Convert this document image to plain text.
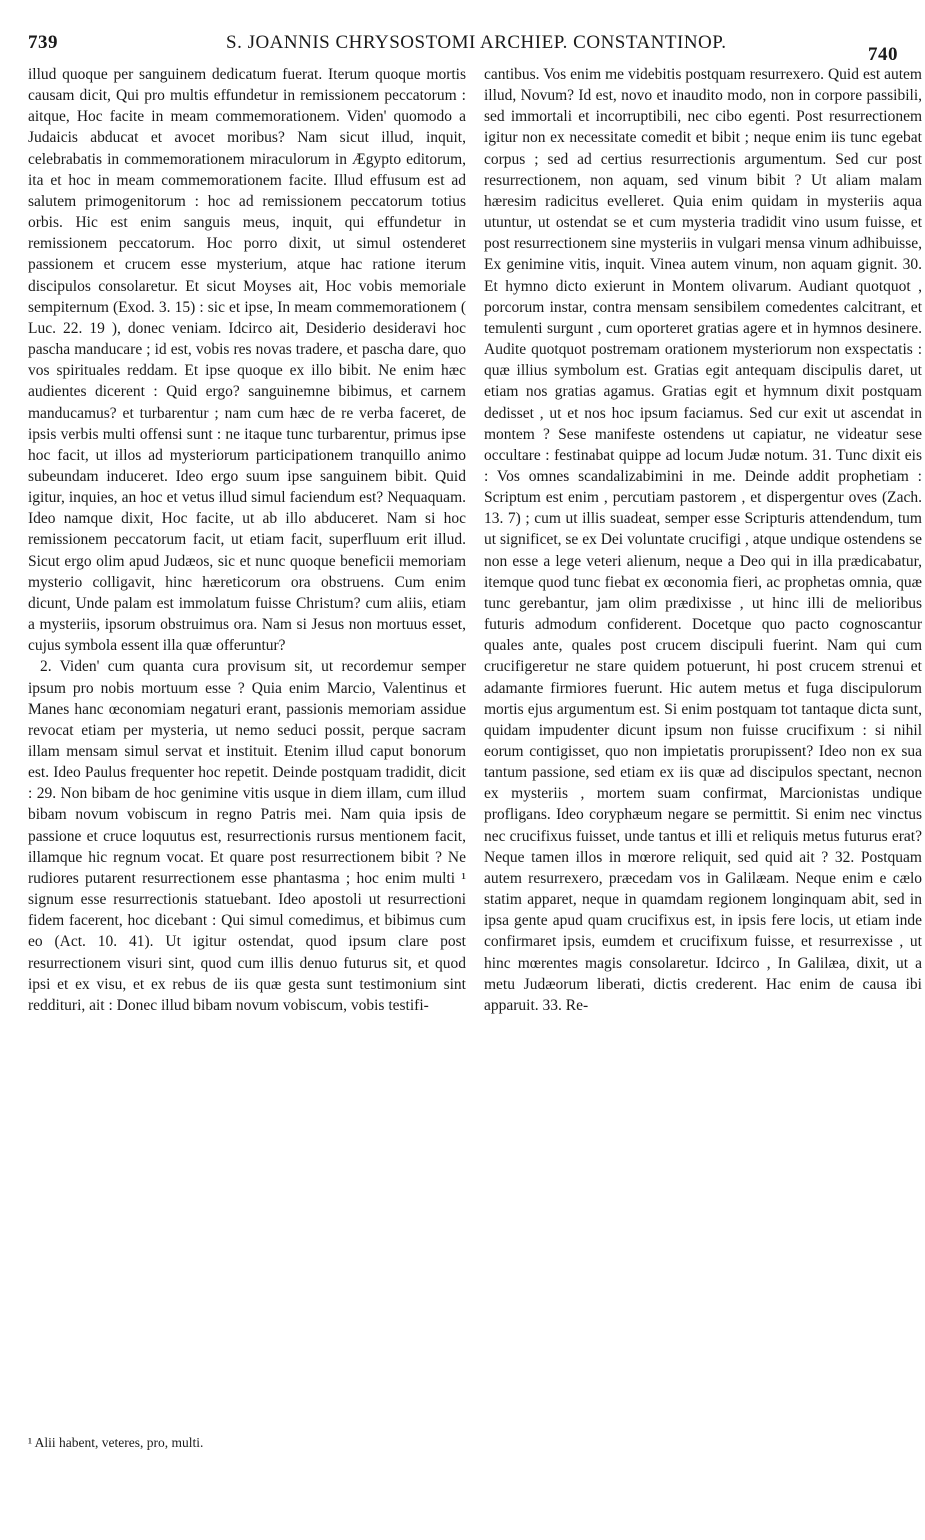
739	S. JOANNIS CHRYSOSTOMI ARCHIEP. CONSTANTINOP.
740

illud quoque per sanguinem dedicatum fuerat. Iterum quoque mortis causam dicit, Qui pro multis effundetur in remissionem peccatorum : aitque, Hoc facite in meam commemorationem. Viden' quomodo a Judaicis abducat et avocet moribus? Nam sicut illud, inquit, celebrabatis in commemorationem miraculorum in Ægypto editorum, ita et hoc in meam commemorationem facite. Illud effusum est ad salutem primogenitorum : hoc ad remissionem peccatorum totius orbis. Hic est enim sanguis meus, inquit, qui effundetur in remissionem peccatorum. Hoc porro dixit, ut simul ostenderet passionem et crucem esse mysterium, atque hac ratione iterum discipulos consolaretur. Et sicut Moyses ait, Hoc vobis memoriale sempiternum (Exod. 3. 15) : sic et ipse, In meam commemorationem ( Luc. 22. 19 ), donec veniam. Idcirco ait, Desiderio desideravi hoc pascha manducare ; id est, vobis res novas tradere, et pascha dare, quo vos spirituales reddam. Et ipse quoque ex illo bibit. Ne enim hæc audientes dicerent : Quid ergo? sanguinemne bibimus, et carnem manducamus? et turbarentur ; nam cum hæc de re verba faceret, de ipsis verbis multi offensi sunt : ne itaque tunc turbarentur, primus ipse hoc facit, ut illos ad mysteriorum participationem tranquillo animo subeundam induceret. Ideo ergo suum ipse sanguinem bibit. Quid igitur, inquies, an hoc et vetus illud simul faciendum est? Nequaquam. Ideo namque dixit, Hoc facite, ut ab illo abduceret. Nam si hoc remissionem peccatorum facit, ut etiam facit, superfluum erit illud. Sicut ergo olim apud Judæos, sic et nunc quoque beneficii memoriam mysterio colligavit, hinc hæreticorum ora obstruens. Cum enim dicunt, Unde palam est immolatum fuisse Christum? cum aliis, etiam a mysteriis, ipsorum obstruimus ora. Nam si Jesus non mortuus esset, cujus symbola essent illa quæ offeruntur?

2. Viden' cum quanta cura provisum sit, ut recordemur semper ipsum pro nobis mortuum esse ? Quia enim Marcio, Valentinus et Manes hanc œconomiam negaturi erant, passionis memoriam assidue revocat etiam per mysteria, ut nemo seduci possit, perque sacram illam mensam simul servat et instituit. Etenim illud caput bonorum est. Ideo Paulus frequenter hoc repetit. Deinde postquam tradidit, dicit : 29. Non bibam de hoc genimine vitis usque in diem illam, cum illud bibam novum vobiscum in regno Patris mei. Nam quia ipsis de passione et cruce loquutus est, resurrectionis rursus mentionem facit, illamque hic regnum vocat. Et quare post resurrectionem bibit ? Ne rudiores putarent resurrectionem esse phantasma ; hoc enim multi ¹ signum esse resurrectionis statuebant. Ideo apostoli ut resurrectioni fidem facerent, hoc dicebant : Qui simul comedimus, et bibimus cum eo (Act. 10. 41). Ut igitur ostendat, quod ipsum clare post resurrectionem visuri sint, quod cum illis denuo futurus sit, et quod ipsi et ex visu, et ex rebus de iis quæ gesta sunt testimonium sint reddituri, ait : Donec illud bibam novum vobiscum, vobis testifi-

cantibus. Vos enim me videbitis postquam resurrexero. Quid est autem illud, Novum? Id est, novo et inaudito modo, non in corpore passibili, sed immortali et incorruptibili, nec cibo egenti. Post resurrectionem igitur non ex necessitate comedit et bibit ; neque enim iis tunc egebat corpus ; sed ad certius resurrectionis argumentum. Sed cur post resurrectionem, non aquam, sed vinum bibit ? Ut aliam malam hæresim radicitus evelleret. Quia enim quidam in mysteriis aqua utuntur, ut ostendat se et cum mysteria tradidit vino usum fuisse, et post resurrectionem sine mysteriis in vulgari mensa vinum adhibuisse, Ex genimine vitis, inquit. Vinea autem vinum, non aquam gignit. 30. Et hymno dicto exierunt in Montem olivarum. Audiant quotquot , porcorum instar, contra mensam sensibilem comedentes calcitrant, et temulenti surgunt , cum oporteret gratias agere et in hymnos desinere. Audite quotquot postremam orationem mysteriorum non exspectatis : quæ illius symbolum est. Gratias egit antequam discipulis daret, ut etiam nos gratias agamus. Gratias egit et hymnum dixit postquam dedisset , ut et nos hoc ipsum faciamus. Sed cur exit ut ascendat in montem ? Sese manifeste ostendens ut capiatur, ne videatur sese occultare : festinabat quippe ad locum Judæ notum. 31. Tunc dixit eis : Vos omnes scandalizabimini in me. Deinde addit prophetiam : Scriptum est enim , percutiam pastorem , et dispergentur oves (Zach. 13. 7) ; cum ut illis suadeat, semper esse Scripturis attendendum, tum ut significet, se ex Dei voluntate crucifigi , atque undique ostendens se non esse a lege veteri alienum, neque a Deo qui in illa prædicabatur, itemque quod tunc fiebat ex œconomia fieri, ac prophetas omnia, quæ tunc gerebantur, jam olim prædixisse , ut hinc illi de melioribus futuris admodum confiderent. Docetque quo pacto cognoscantur quales ante, quales post crucem discipuli fuerint. Nam qui cum crucifigeretur ne stare quidem potuerunt, hi post crucem strenui et adamante firmiores fuerunt. Hic autem metus et fuga discipulorum mortis ejus argumentum est. Si enim postquam tot tantaque dicta sunt, quidam impudenter dicunt ipsum non fuisse crucifixum : si nihil eorum contigisset, quo non impietatis prorupissent? Ideo non ex sua tantum passione, sed etiam ex iis quæ ad discipulos spectant, necnon ex mysteriis , mortem suam confirmat, Marcionistas undique profligans. Ideo coryphæum negare se permittit. Si enim nec vinctus nec crucifixus fuisset, unde tantus et illi et reliquis metus futurus erat? Neque tamen illos in mœrore reliquit, sed quid ait ? 32. Postquam autem resurrexero, præcedam vos in Galilæam. Neque enim e cælo statim apparet, neque in quamdam regionem longinquam abit, sed in ipsa gente apud quam crucifixus est, in ipsis fere locis, ut etiam inde confirmaret ipsis, eumdem et crucifixum fuisse, et resurrexisse , ut hinc mœrentes magis consolaretur. Idcirco , In Galilæa, dixit, ut a metu Judæorum liberati, dictis crederent. Hac enim de causa ibi apparuit. 33. Re-

¹ Alii habent, veteres, pro, multi.
